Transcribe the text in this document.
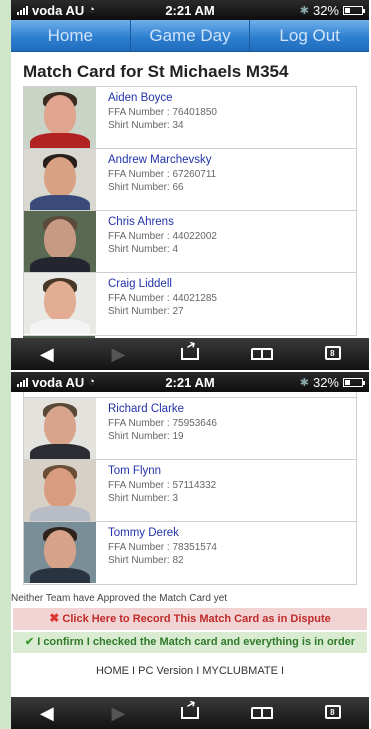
voda AU ◔	2:21 AM	✱ 32%
Home	Game Day	Log Out
Match Card for St Michaels M354
Aiden Boyce
FFA Number : 76401850
Shirt Number: 34
Andrew Marchevsky
FFA Number : 67260711
Shirt Number: 66
Chris Ahrens
FFA Number : 44022002
Shirt Number: 4
Craig Liddell
FFA Number : 44021285
Shirt Number: 27
◀	▶ ➜	8
voda AU ◔	2:21 AM	✱ 32%
Richard Clarke
FFA Number : 75953646
Shirt Number: 19
Tom Flynn
FFA Number : 57114332
Shirt Number: 3
Tommy Derek
FFA Number : 78351574
Shirt Number: 82
Neither Team have Approved the Match Card yet
✖ Click Here to Record This Match Card as in Dispute
✔ I confirm I checked the Match card and everything is in order
HOME I PC Version I MYCLUBMATE I
◀	▶ ➜	8
